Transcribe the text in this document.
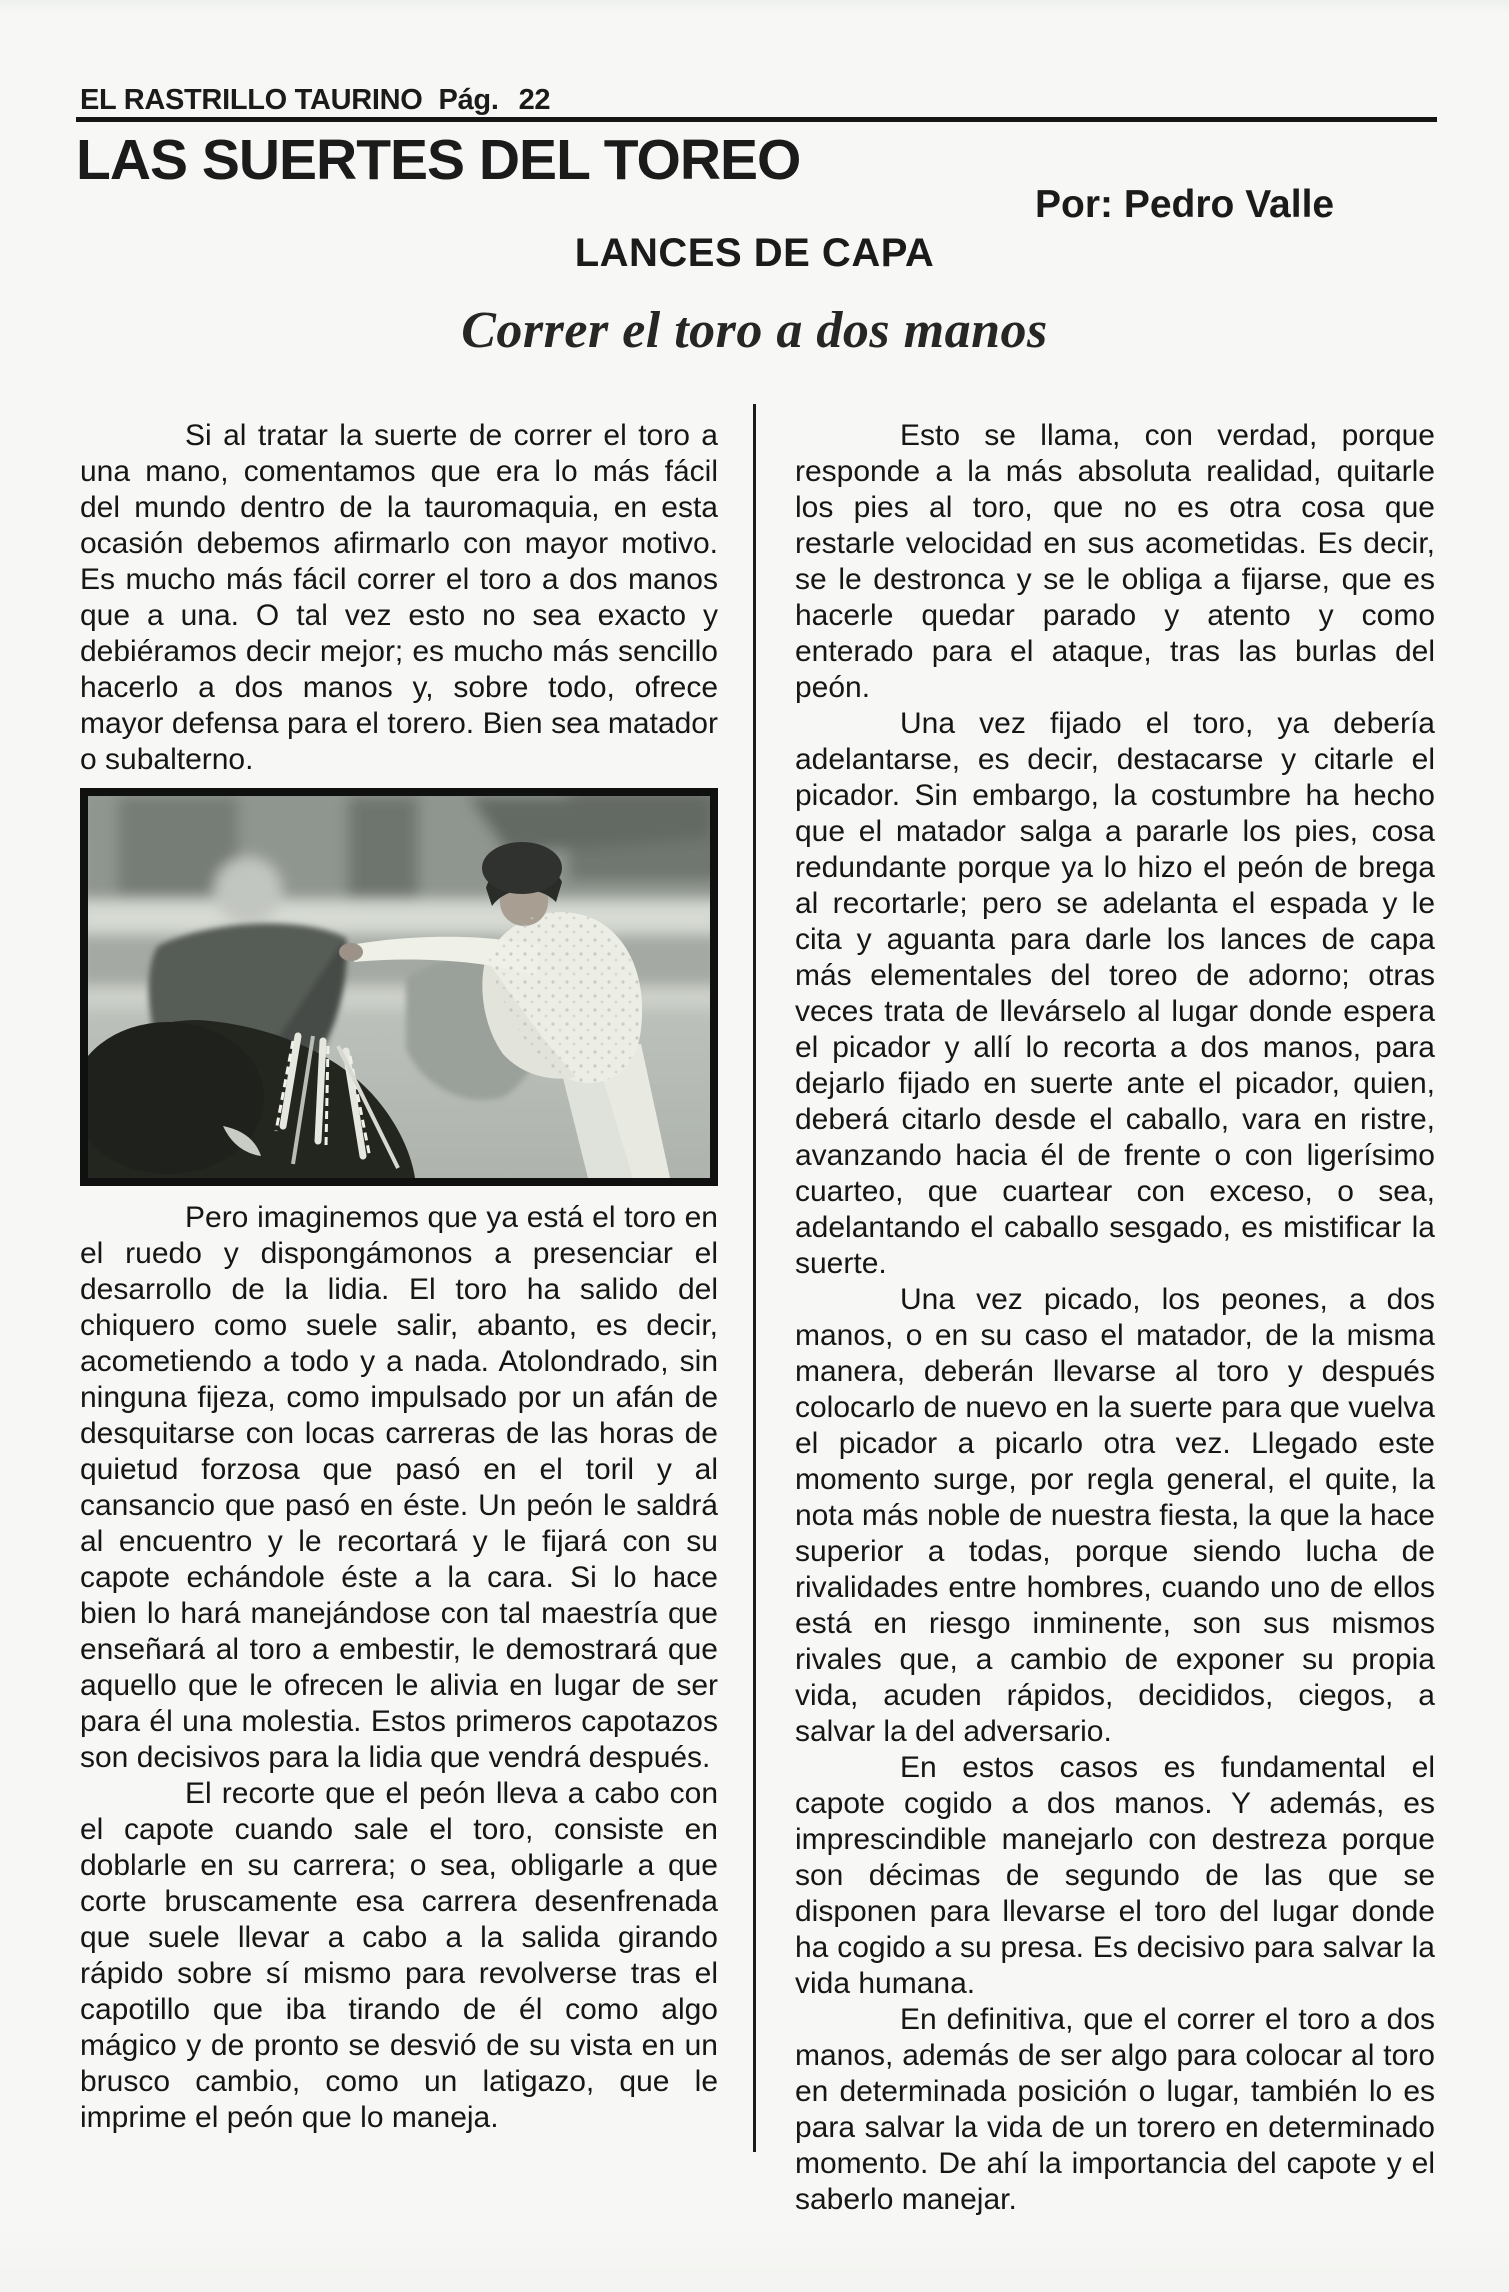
EL RASTRILLO TAURINO Pág. 22
LAS SUERTES DEL TOREO
Por: Pedro Valle
LANCES DE CAPA
Correr el toro a dos manos

Si al tratar la suerte de correr el toro a una mano, comentamos que era lo más fácil del mundo dentro de la tauromaquia, en esta ocasión debemos afirmarlo con mayor motivo. Es mucho más fácil correr el toro a dos manos que a una. O tal vez esto no sea exacto y debiéramos decir mejor; es mucho más sencillo hacerlo a dos manos y, sobre todo, ofrece mayor defensa para el torero. Bien sea matador o subalterno.

Pero imaginemos que ya está el toro en el ruedo y dispongámonos a presenciar el desarrollo de la lidia. El toro ha salido del chiquero como suele salir, abanto, es decir, acometiendo a todo y a nada. Atolondrado, sin ninguna fijeza, como impulsado por un afán de desquitarse con locas carreras de las horas de quietud forzosa que pasó en el toril y al cansancio que pasó en éste. Un peón le saldrá al encuentro y le recortará y le fijará con su capote echándole éste a la cara. Si lo hace bien lo hará manejándose con tal maestría que enseñará al toro a embestir, le demostrará que aquello que le ofrecen le alivia en lugar de ser para él una molestia. Estos primeros capotazos son decisivos para la lidia que vendrá después.

El recorte que el peón lleva a cabo con el capote cuando sale el toro, consiste en doblarle en su carrera; o sea, obligarle a que corte bruscamente esa carrera desenfrenada que suele llevar a cabo a la salida girando rápido sobre sí mismo para revolverse tras el capotillo que iba tirando de él como algo mágico y de pronto se desvió de su vista en un brusco cambio, como un latigazo, que le imprime el peón que lo maneja.

Esto se llama, con verdad, porque responde a la más absoluta realidad, quitarle los pies al toro, que no es otra cosa que restarle velocidad en sus acometidas. Es decir, se le destronca y se le obliga a fijarse, que es hacerle quedar parado y atento y como enterado para el ataque, tras las burlas del peón.

Una vez fijado el toro, ya debería adelantarse, es decir, destacarse y citarle el picador. Sin embargo, la costumbre ha hecho que el matador salga a pararle los pies, cosa redundante porque ya lo hizo el peón de brega al recortarle; pero se adelanta el espada y le cita y aguanta para darle los lances de capa más elementales del toreo de adorno; otras veces trata de llevárselo al lugar donde espera el picador y allí lo recorta a dos manos, para dejarlo fijado en suerte ante el picador, quien, deberá citarlo desde el caballo, vara en ristre, avanzando hacia él de frente o con ligerísimo cuarteo, que cuartear con exceso, o sea, adelantando el caballo sesgado, es mistificar la suerte.

Una vez picado, los peones, a dos manos, o en su caso el matador, de la misma manera, deberán llevarse al toro y después colocarlo de nuevo en la suerte para que vuelva el picador a picarlo otra vez. Llegado este momento surge, por regla general, el quite, la nota más noble de nuestra fiesta, la que la hace superior a todas, porque siendo lucha de rivalidades entre hombres, cuando uno de ellos está en riesgo inminente, son sus mismos rivales que, a cambio de exponer su propia vida, acuden rápidos, decididos, ciegos, a salvar la del adversario.

En estos casos es fundamental el capote cogido a dos manos. Y además, es imprescindible manejarlo con destreza porque son décimas de segundo de las que se disponen para llevarse el toro del lugar donde ha cogido a su presa. Es decisivo para salvar la vida humana.

En definitiva, que el correr el toro a dos manos, además de ser algo para colocar al toro en determinada posición o lugar, también lo es para salvar la vida de un torero en determinado momento. De ahí la importancia del capote y el saberlo manejar.
